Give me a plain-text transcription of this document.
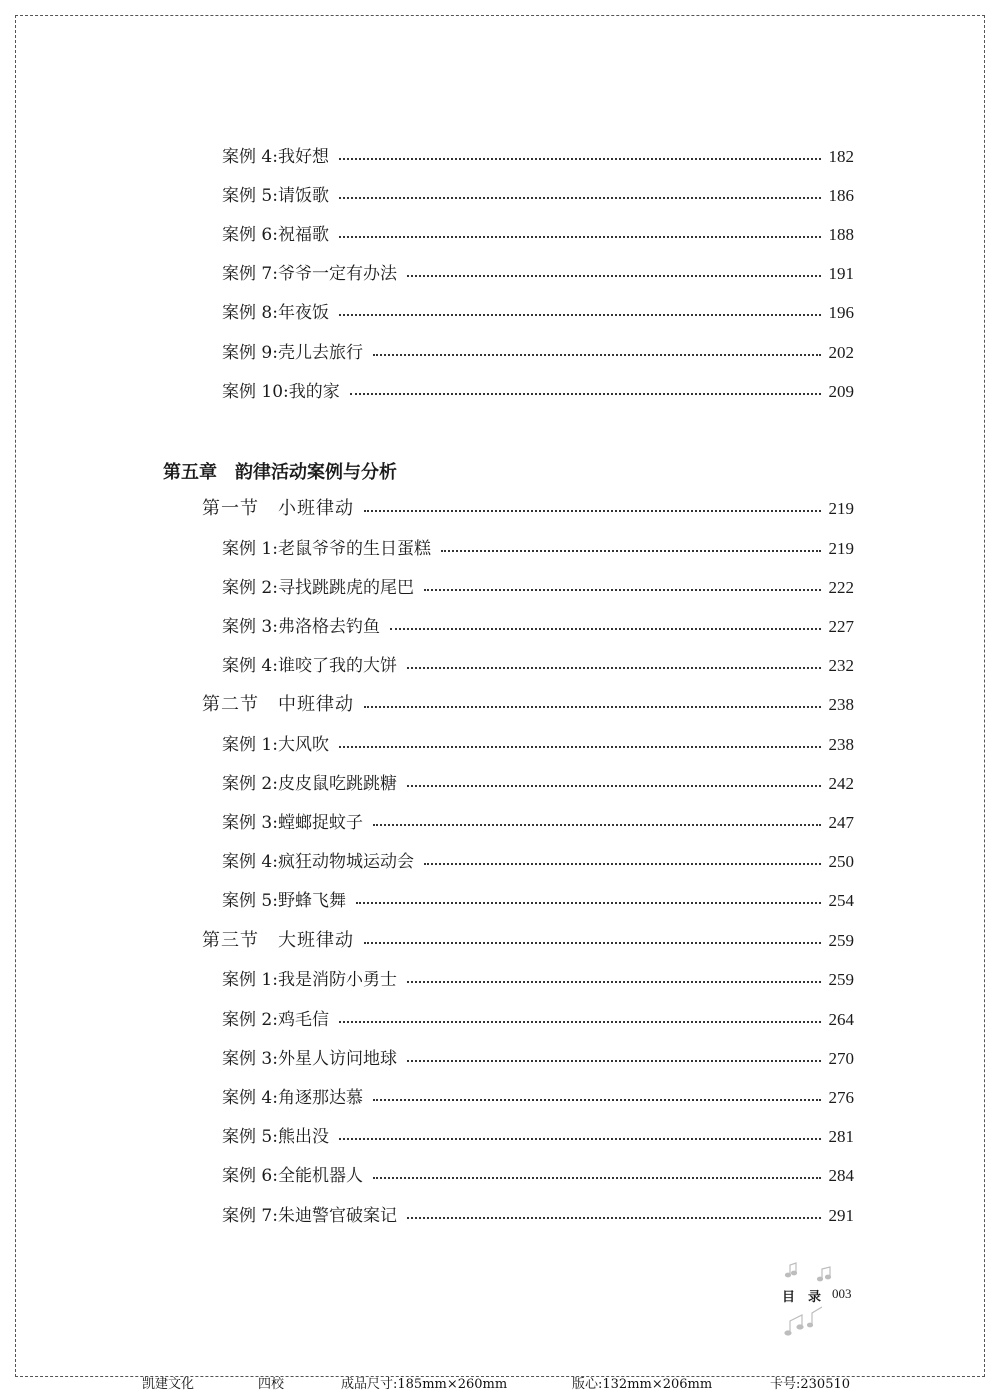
案例 4:我好想	182
案例 5:请饭歌	186
案例 6:祝福歌	188
案例 7:爷爷一定有办法	191
案例 8:年夜饭	196
案例 9:壳儿去旅行	202
案例 10:我的家	209
第五章　韵律活动案例与分析
第一节　小班律动	219
案例 1:老鼠爷爷的生日蛋糕	219
案例 2:寻找跳跳虎的尾巴	222
案例 3:弗洛格去钓鱼	227
案例 4:谁咬了我的大饼	232
第二节　中班律动	238
案例 1:大风吹	238
案例 2:皮皮鼠吃跳跳糖	242
案例 3:螳螂捉蚊子	247
案例 4:疯狂动物城运动会	250
案例 5:野蜂飞舞	254
第三节　大班律动	259
案例 1:我是消防小勇士	259
案例 2:鸡毛信	264
案例 3:外星人访问地球	270
案例 4:角逐那达慕	276
案例 5:熊出没	281
案例 6:全能机器人	284
案例 7:朱迪警官破案记	291
目　录 003
凯建文化	四校	成品尺寸:185mm×260mm	版心:132mm×206mm	卡号:230510
